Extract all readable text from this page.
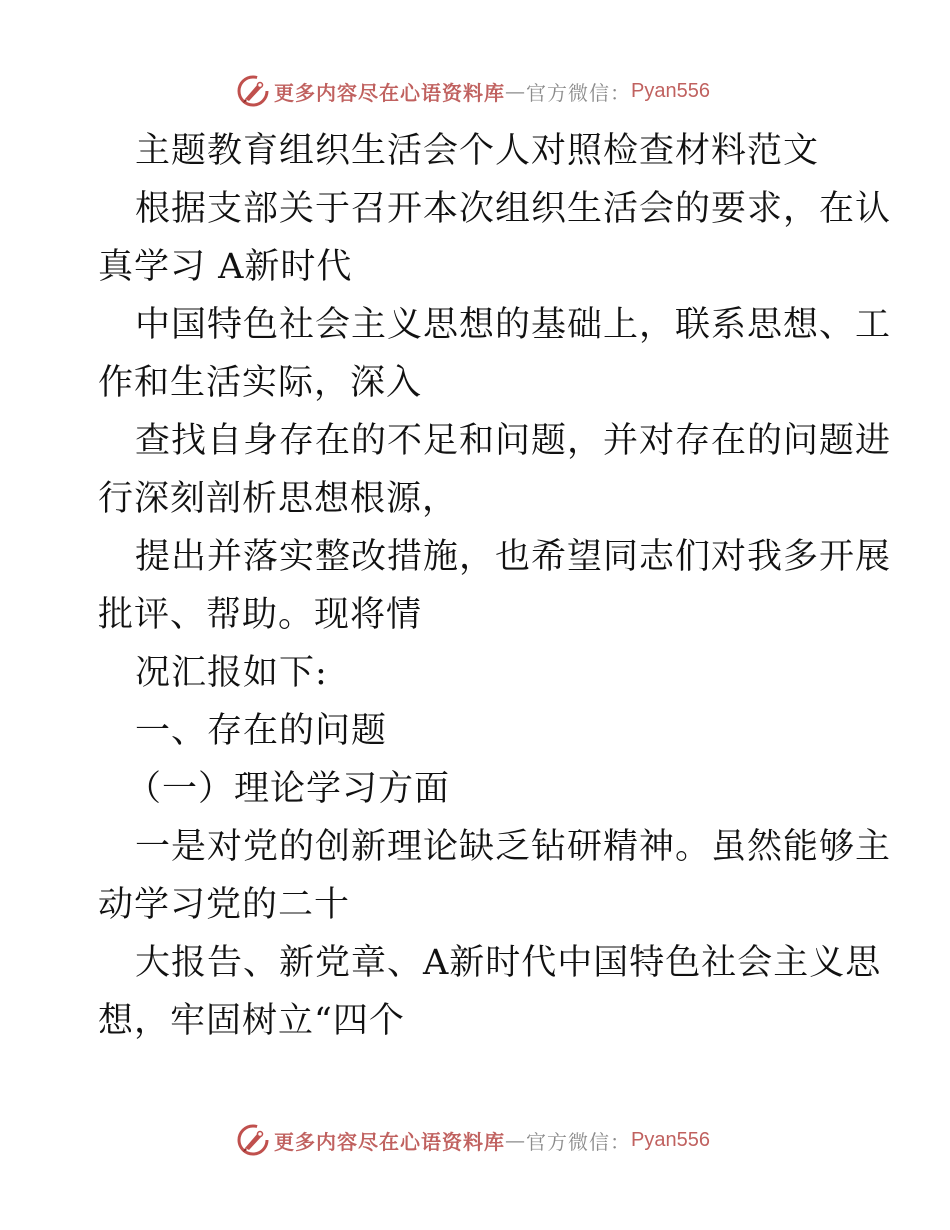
更多内容尽在心语资料库 — 官方微信： Pyan556
主题教育组织生活会个人对照检查材料范文
根据支部关于召开本次组织生活会的要求，在认
真学习 A新时代
中国特色社会主义思想的基础上，联系思想、工
作和生活实际，深入
查找自身存在的不足和问题，并对存在的问题进
行深刻剖析思想根源，
提出并落实整改措施，也希望同志们对我多开展
批评、帮助。现将情
况汇报如下:
一、存在的问题
（一）理论学习方面
一是对党的创新理论缺乏钻研精神。虽然能够主
动学习党的二十
大报告、新党章、A新时代中国特色社会主义思
想，牢固树立“四个
更多内容尽在心语资料库 — 官方微信： Pyan556
